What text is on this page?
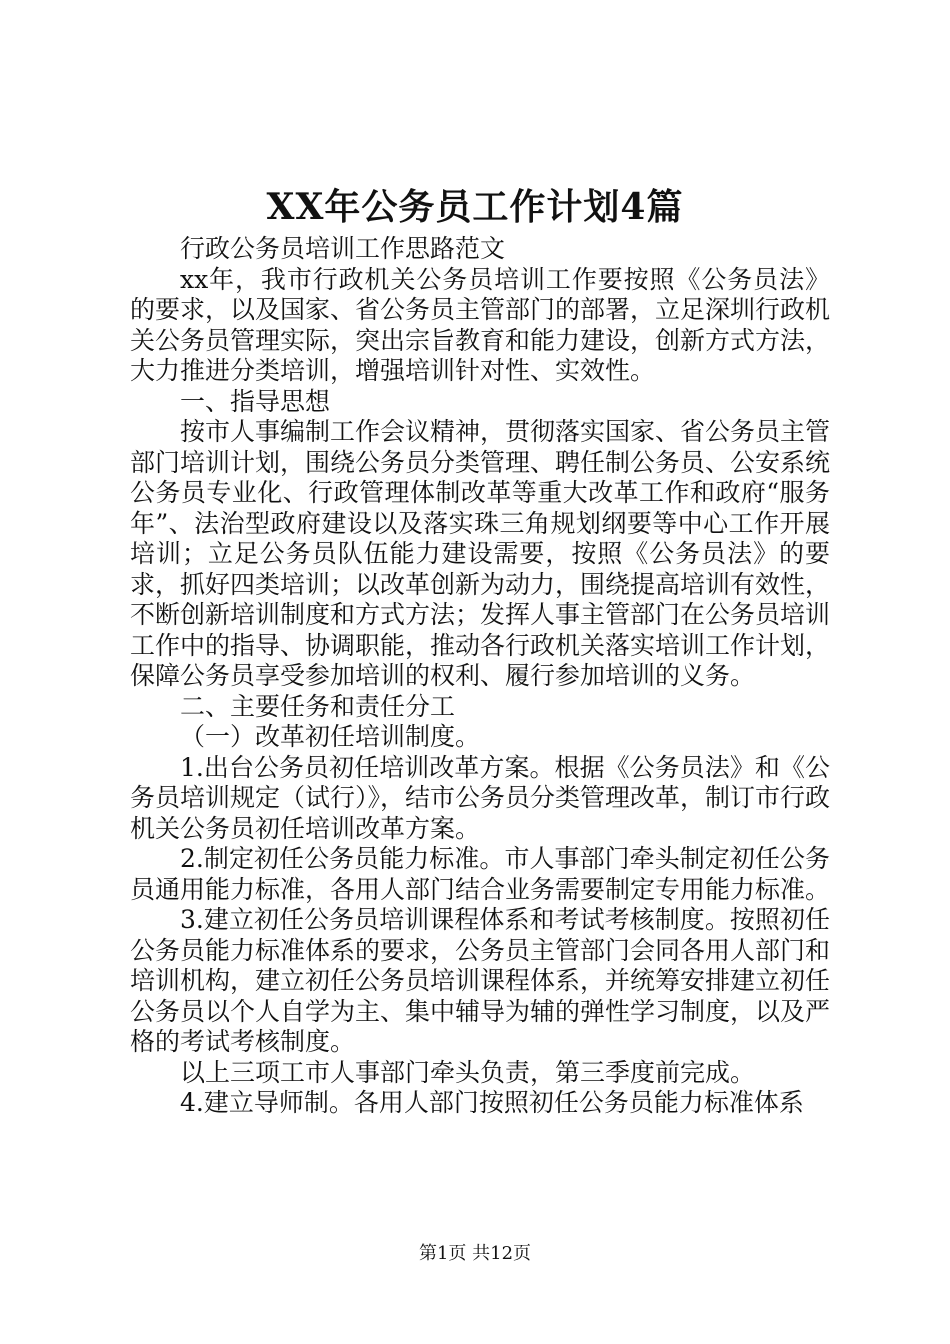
XX年公务员工作计划4篇

行政公务员培训工作思路范文

xx年，我市行政机关公务员培训工作要按照《公务员法》的要求，以及国家、省公务员主管部门的部署，立足深圳行政机关公务员管理实际，突出宗旨教育和能力建设，创新方式方法，大力推进分类培训，增强培训针对性、实效性。

一、指导思想

按市人事编制工作会议精神，贯彻落实国家、省公务员主管部门培训计划，围绕公务员分类管理、聘任制公务员、公安系统公务员专业化、行政管理体制改革等重大改革工作和政府“服务年”、法治型政府建设以及落实珠三角规划纲要等中心工作开展培训；立足公务员队伍能力建设需要，按照《公务员法》的要求，抓好四类培训；以改革创新为动力，围绕提高培训有效性，不断创新培训制度和方式方法；发挥人事主管部门在公务员培训工作中的指导、协调职能，推动各行政机关落实培训工作计划，保障公务员享受参加培训的权利、履行参加培训的义务。

二、主要任务和责任分工

（一）改革初任培训制度。

1.出台公务员初任培训改革方案。根据《公务员法》和《公务员培训规定（试行）》，结市公务员分类管理改革，制订市行政机关公务员初任培训改革方案。

2.制定初任公务员能力标准。市人事部门牵头制定初任公务员通用能力标准，各用人部门结合业务需要制定专用能力标准。

3.建立初任公务员培训课程体系和考试考核制度。按照初任公务员能力标准体系的要求，公务员主管部门会同各用人部门和培训机构，建立初任公务员培训课程体系，并统筹安排建立初任公务员以个人自学为主、集中辅导为辅的弹性学习制度，以及严格的考试考核制度。

以上三项工市人事部门牵头负责，第三季度前完成。

4.建立导师制。各用人部门按照初任公务员能力标准体系

第1页 共12页
